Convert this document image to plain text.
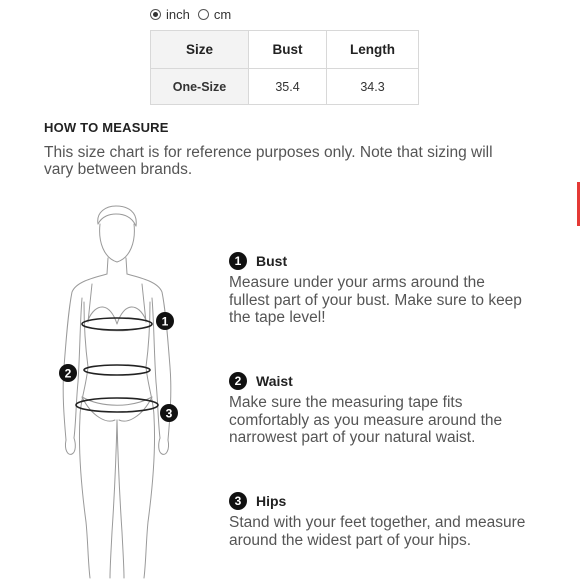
inch cm
Size	Bust	Length
One-Size	35.4	34.3
HOW TO MEASURE
This size chart is for reference purposes only. Note that sizing will vary between brands.
1
2
3
1	Bust
Measure under your arms around the fullest part of your bust. Make sure to keep the tape level!
2	Waist
Make sure the measuring tape fits comfortably as you measure around the narrowest part of your natural waist.
3	Hips
Stand with your feet together, and measure around the widest part of your hips.
